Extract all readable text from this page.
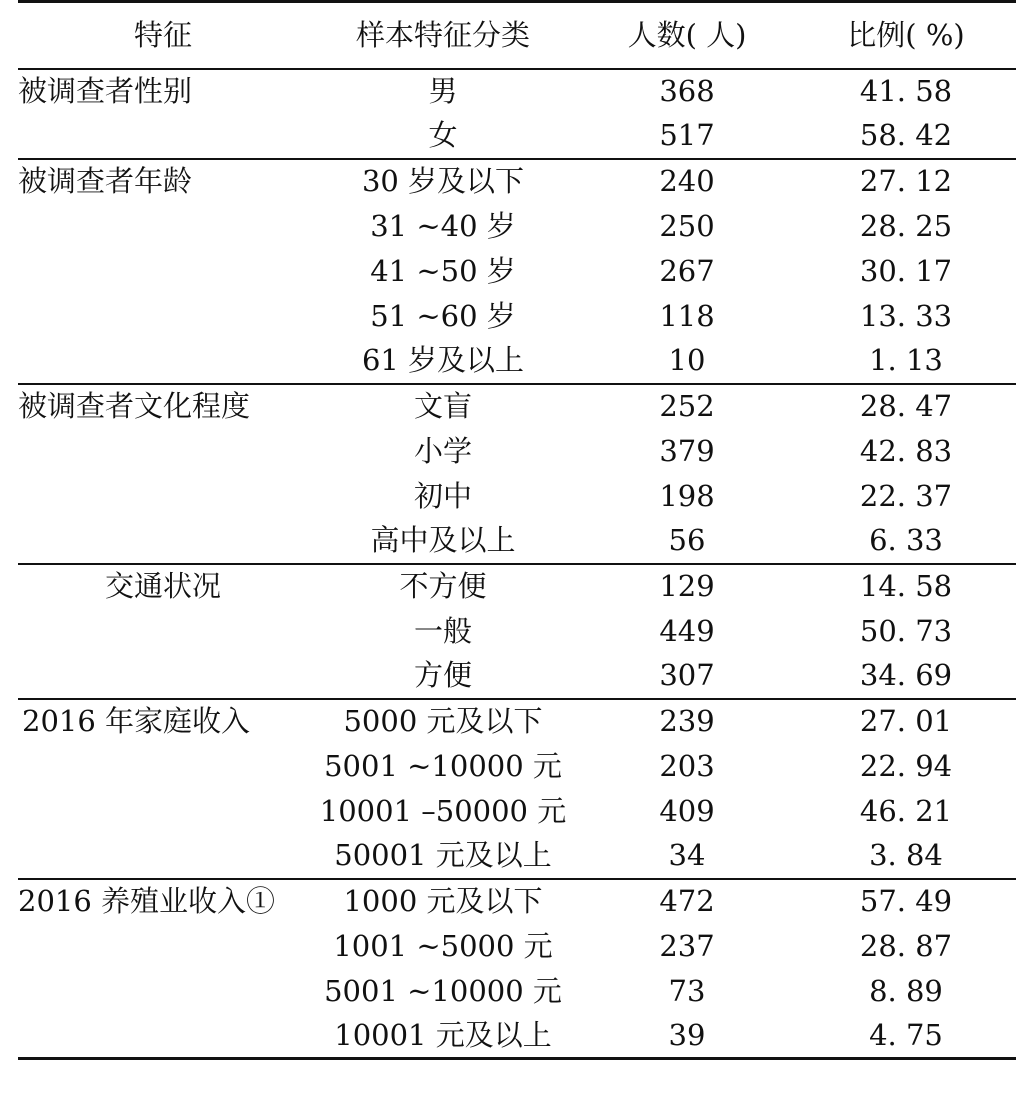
特征	样本特征分类	人数( 人)	比例( %)
被调查者性别	男	368	41. 58
	女	517	58. 42
被调查者年龄	30 岁及以下	240	27. 12
	31 ~40 岁	250	28. 25
	41 ~50 岁	267	30. 17
	51 ~60 岁	118	13. 33
	61 岁及以上	10	1. 13
被调查者文化程度	文盲	252	28. 47
	小学	379	42. 83
	初中	198	22. 37
	高中及以上	56	6. 33
交通状况	不方便	129	14. 58
	一般	449	50. 73
	方便	307	34. 69
2016 年家庭收入	5000 元及以下	239	27. 01
	5001 ~10000 元	203	22. 94
	10001 –50000 元	409	46. 21
	50001 元及以上	34	3. 84
2016 养殖业收入①	1000 元及以下	472	57. 49
	1001 ~5000 元	237	28. 87
	5001 ~10000 元	73	8. 89
	10001 元及以上	39	4. 75
